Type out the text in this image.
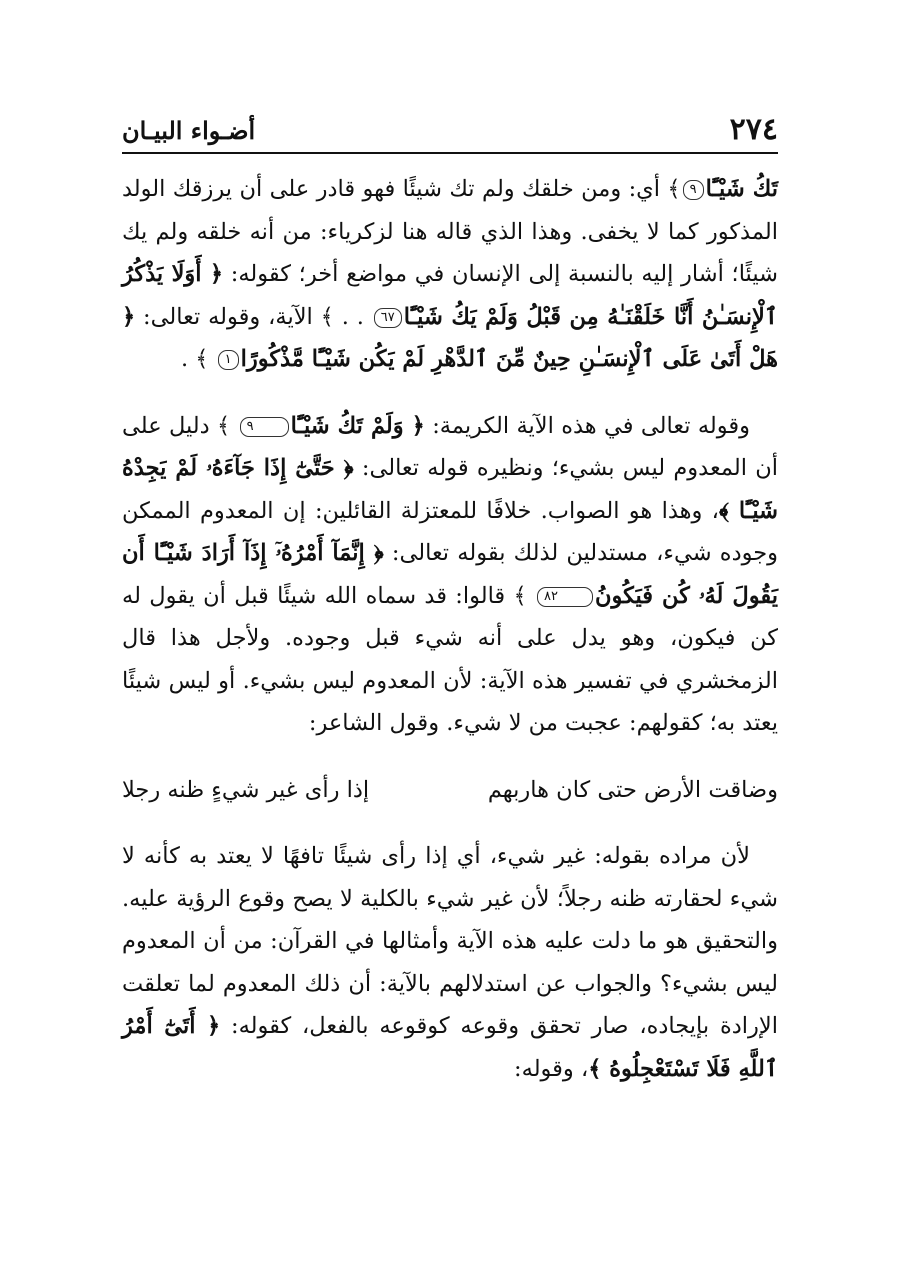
٢٧٤
أضـواء البيـان

تَكُ شَيْـًٔا٩﴾ أي: ومن خلقك ولم تك شيئًا فهو قادر على أن يرزقك الولد المذكور كما لا يخفى. وهذا الذي قاله هنا لزكرياء: من أنه خلقه ولم يك شيئًا؛ أشار إليه بالنسبة إلى الإنسان في مواضع أخر؛ كقوله: ﴿ أَوَلَا يَذْكُرُ ٱلْإِنسَـٰنُ أَنَّا خَلَقْنَـٰهُ مِن قَبْلُ وَلَمْ يَكُ شَيْـًٔا٦٧ . . ﴾ الآية، وقوله تعالى: ﴿ هَلْ أَتَىٰ عَلَى ٱلْإِنسَـٰنِ حِينٌ مِّنَ ٱلدَّهْرِ لَمْ يَكُن شَيْـًٔا مَّذْكُورًا١ ﴾ .

وقوله تعالى في هذه الآية الكريمة: ﴿ وَلَمْ تَكُ شَيْـًٔا٩ ﴾ دليل على أن المعدوم ليس بشيء؛ ونظيره قوله تعالى: ﴿ حَتَّىٰٓ إِذَا جَآءَهُۥ لَمْ يَجِدْهُ شَيْـًٔا ﴾، وهذا هو الصواب. خلافًا للمعتزلة القائلين: إن المعدوم الممكن وجوده شيء، مستدلين لذلك بقوله تعالى: ﴿ إِنَّمَآ أَمْرُهُۥٓ إِذَآ أَرَادَ شَيْـًٔا أَن يَقُولَ لَهُۥ كُن فَيَكُونُ٨٢ ﴾ قالوا: قد سماه الله شيئًا قبل أن يقول له كن فيكون، وهو يدل على أنه شيء قبل وجوده. ولأجل هذا قال الزمخشري في تفسير هذه الآية: لأن المعدوم ليس بشيء. أو ليس شيئًا يعتد به؛ كقولهم: عجبت من لا شيء. وقول الشاعر:

وضاقت الأرض حتى كان هاربهم
إذا رأى غير شيءٍ ظنه رجلا

لأن مراده بقوله: غير شيء، أي إذا رأى شيئًا تافهًا لا يعتد به كأنه لا شيء لحقارته ظنه رجلاً؛ لأن غير شيء بالكلية لا يصح وقوع الرؤية عليه. والتحقيق هو ما دلت عليه هذه الآية وأمثالها في القرآن: من أن المعدوم ليس بشيء؟ والجواب عن استدلالهم بالآية: أن ذلك المعدوم لما تعلقت الإرادة بإيجاده، صار تحقق وقوعه كوقوعه بالفعل، كقوله: ﴿ أَتَىٰٓ أَمْرُ ٱللَّهِ فَلَا تَسْتَعْجِلُوهُ ﴾، وقوله:
